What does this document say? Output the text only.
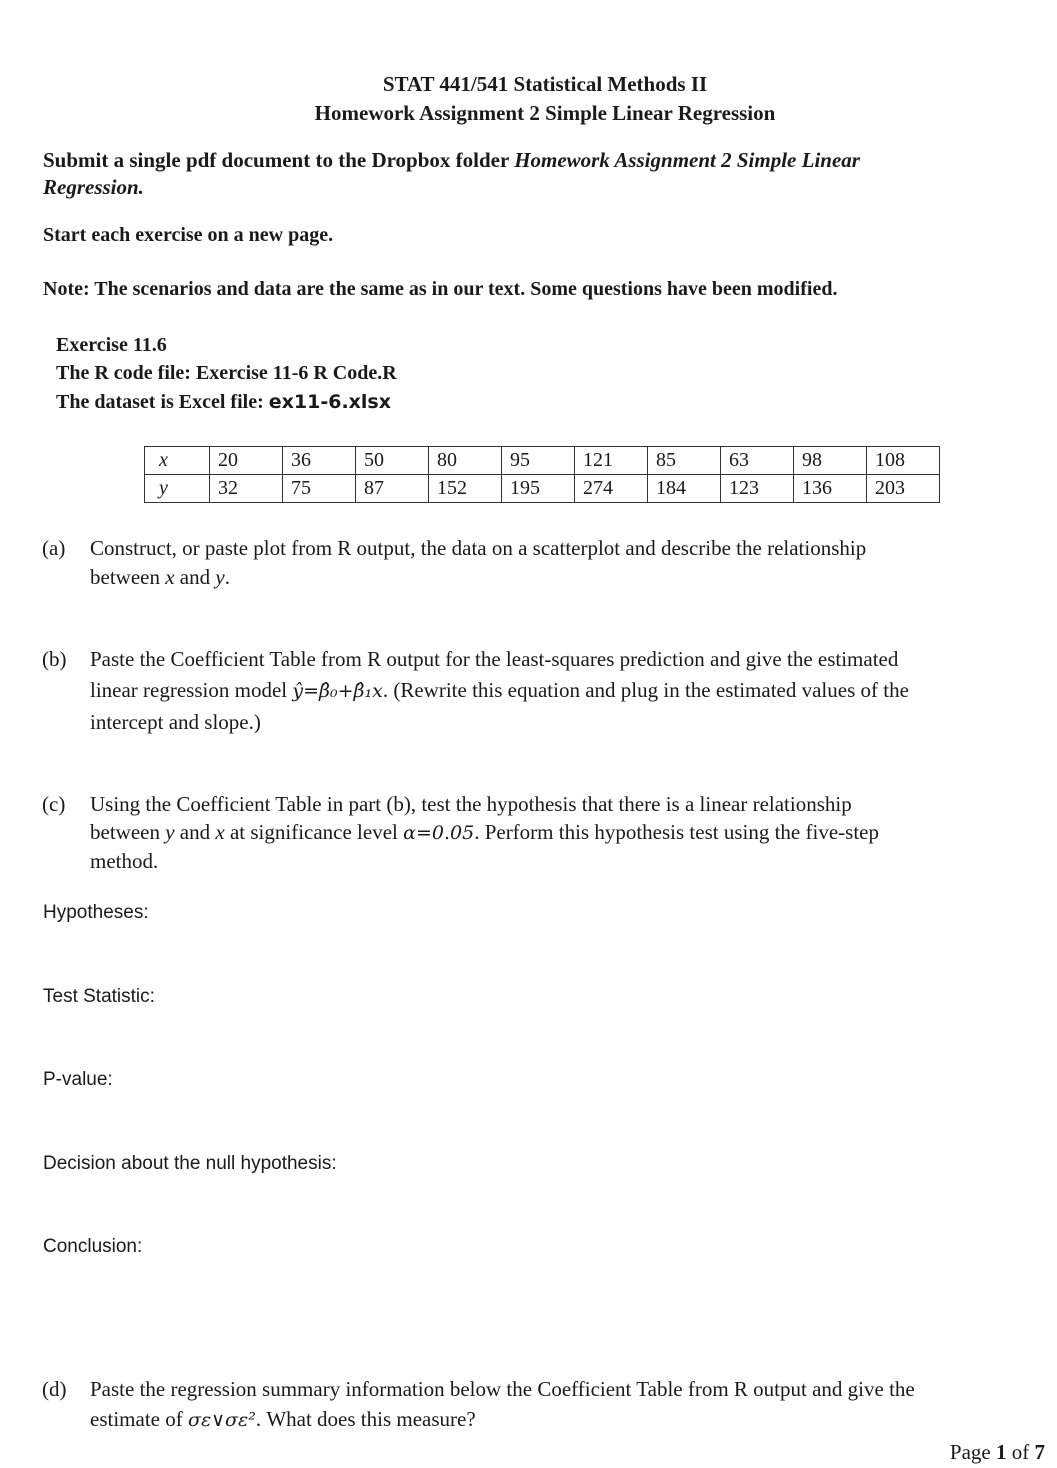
STAT 441/541 Statistical Methods II
Homework Assignment 2 Simple Linear Regression
Submit a single pdf document to the Dropbox folder Homework Assignment 2 Simple Linear
Regression.
Start each exercise on a new page.
Note: The scenarios and data are the same as in our text. Some questions have been modified.
Exercise 11.6
The R code file: Exercise 11-6 R Code.R
The dataset is Excel file: ex11-6.xlsx
x	20	36	50	80	95	121	85	63	98	108
y	32	75	87	152	195	274	184	123	136	203
(a) Construct, or paste plot from R output, the data on a scatterplot and describe the relationship
between x and y.
(b) Paste the Coefficient Table from R output for the least-squares prediction and give the estimated
linear regression model ŷ=β̂₀+β̂₁x. (Rewrite this equation and plug in the estimated values of the
intercept and slope.)
(c) Using the Coefficient Table in part (b), test the hypothesis that there is a linear relationship
between y and x at significance level α=0.05. Perform this hypothesis test using the five-step
method.
Hypotheses:
Test Statistic:
P-value:
Decision about the null hypothesis:
Conclusion:
(d) Paste the regression summary information below the Coefficient Table from R output and give the
estimate of σε∨σε². What does this measure?
Page 1 of 7
